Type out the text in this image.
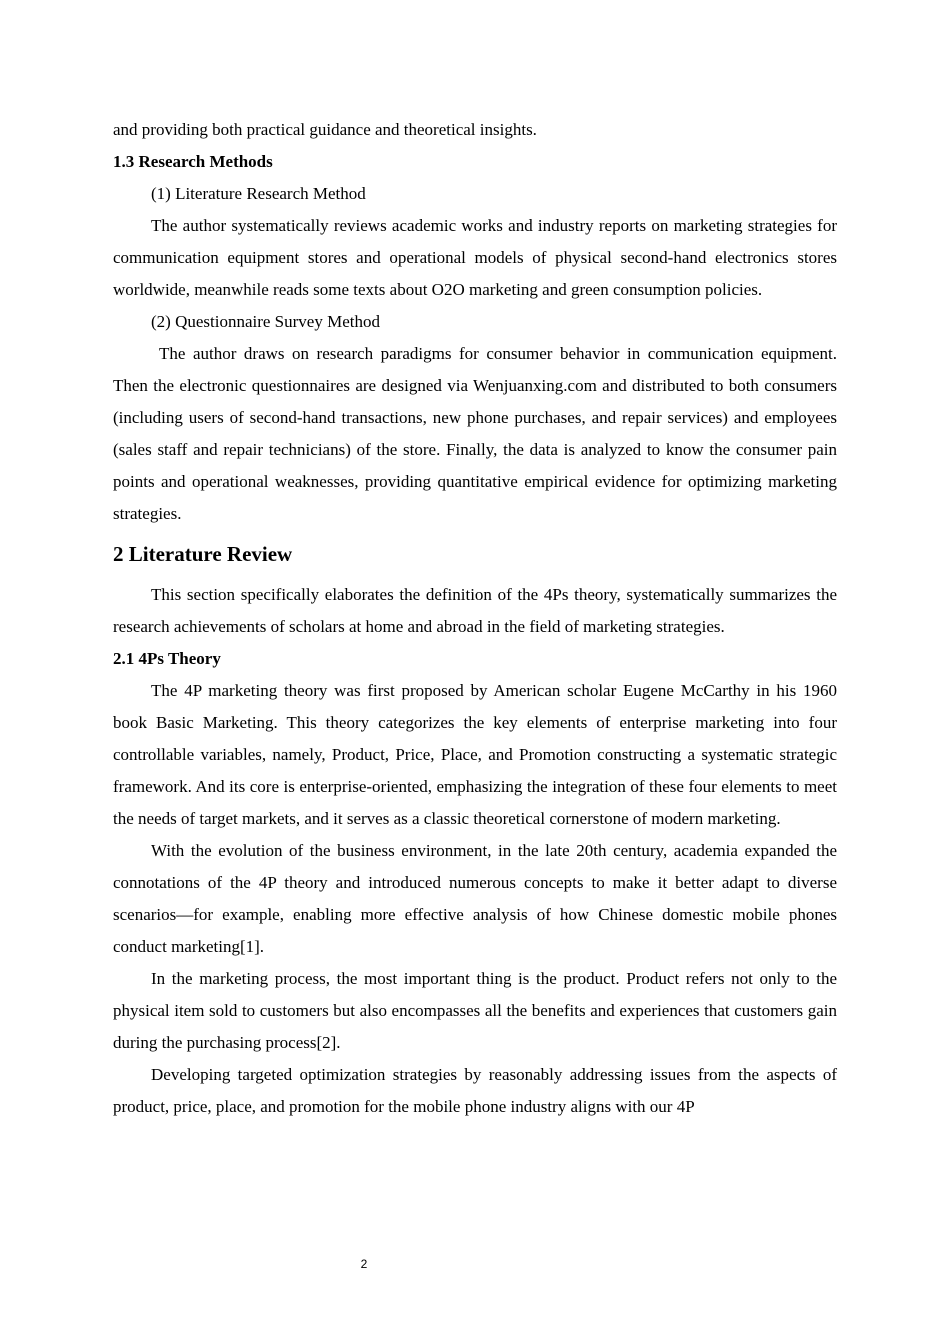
and providing both practical guidance and theoretical insights.

1.3 Research Methods

(1) Literature Research Method

The author systematically reviews academic works and industry reports on marketing strategies for communication equipment stores and operational models of physical second-hand electronics stores worldwide, meanwhile reads some texts about O2O marketing and green consumption policies.

(2) Questionnaire Survey Method

The author draws on research paradigms for consumer behavior in communication equipment. Then the electronic questionnaires are designed via Wenjuanxing.com and distributed to both consumers (including users of second-hand transactions, new phone purchases, and repair services) and employees (sales staff and repair technicians) of the store. Finally, the data is analyzed to know the consumer pain points and operational weaknesses, providing quantitative empirical evidence for optimizing marketing strategies.

2 Literature Review

This section specifically elaborates the definition of the 4Ps theory, systematically summarizes the research achievements of scholars at home and abroad in the field of marketing strategies.

2.1 4Ps Theory

The 4P marketing theory was first proposed by American scholar Eugene McCarthy in his 1960 book Basic Marketing. This theory categorizes the key elements of enterprise marketing into four controllable variables, namely, Product, Price, Place, and Promotion constructing a systematic strategic framework. And its core is enterprise-oriented, emphasizing the integration of these four elements to meet the needs of target markets, and it serves as a classic theoretical cornerstone of modern marketing.

With the evolution of the business environment, in the late 20th century, academia expanded the connotations of the 4P theory and introduced numerous concepts to make it better adapt to diverse scenarios—for example, enabling more effective analysis of how Chinese domestic mobile phones conduct marketing[1].

In the marketing process, the most important thing is the product. Product refers not only to the physical item sold to customers but also encompasses all the benefits and experiences that customers gain during the purchasing process[2].

Developing targeted optimization strategies by reasonably addressing issues from the aspects of product, price, place, and promotion for the mobile phone industry aligns with our 4P

2
